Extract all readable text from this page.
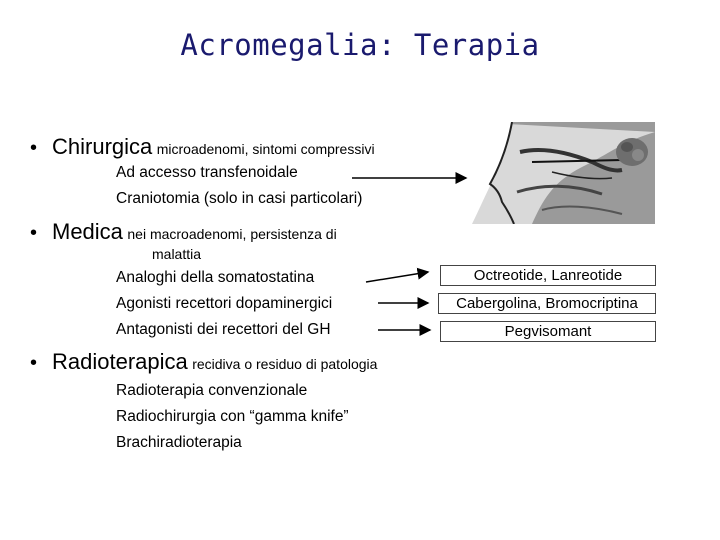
Acromegalia: Terapia
• Chirurgica microadenomi, sintomi compressivi
Ad accesso transfenoidale
Craniotomia (solo in casi particolari)
• Medica nei macroadenomi, persistenza di
malattia
Analoghi della somatostatina
Agonisti recettori dopaminergici
Antagonisti dei recettori del GH
• Radioterapica recidiva o residuo di patologia
Radioterapia convenzionale
Radiochirurgia con “gamma knife”
Brachiradioterapia
Octreotide, Lanreotide
Cabergolina, Bromocriptina
Pegvisomant
